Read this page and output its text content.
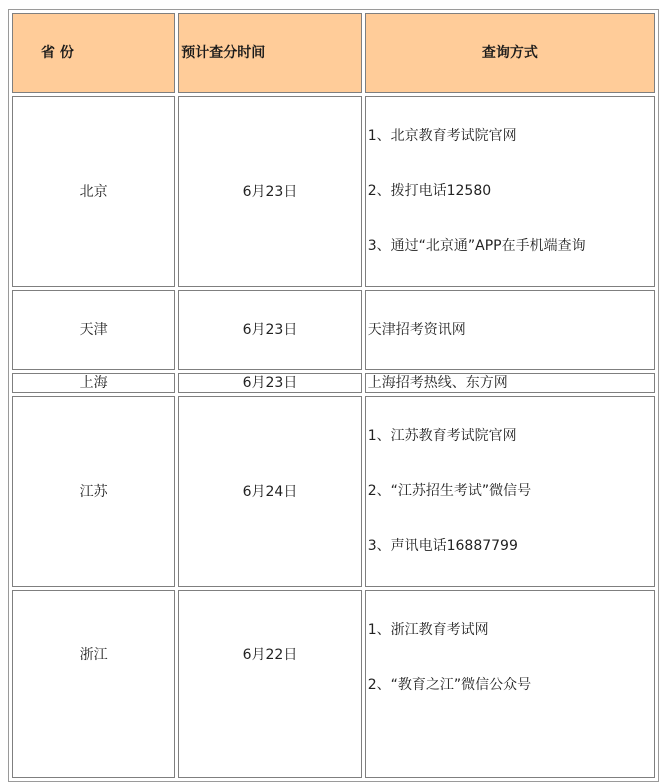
省 份	预计查分时间	查询方式
北京	6月23日	1、北京教育考试院官网
2、拨打电话12580
3、通过“北京通”APP在手机端查询

天津	6月23日	天津招考资讯网
上海	6月23日	上海招考热线、东方网
江苏	6月24日	1、江苏教育考试院官网
2、“江苏招生考试”微信号
3、声讯电话16887799

浙江	6月22日	1、浙江教育考试网
2、“教育之江”微信公众号
